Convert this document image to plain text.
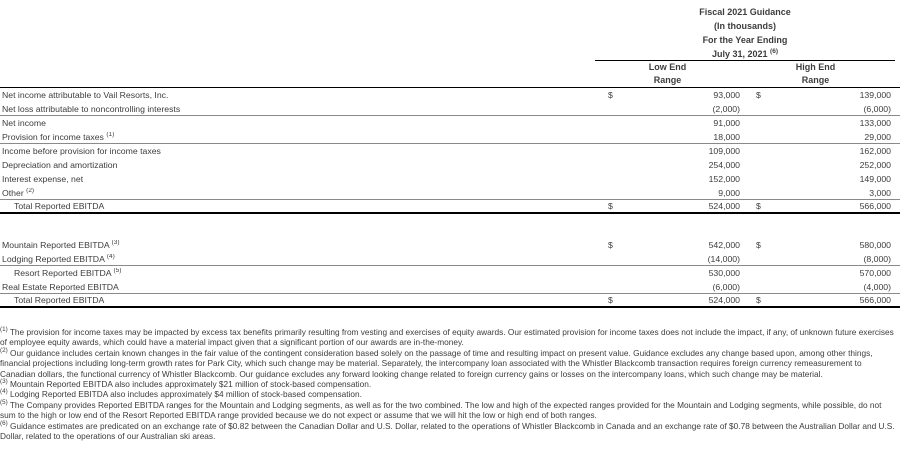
Fiscal 2021 Guidance
(In thousands)
For the Year Ending
July 31, 2021 $^{(6)}$
Low End
Range
High End
Range
Net income attributable to Vail Resorts, Inc.	$	93,000 $	139,000
Net loss attributable to noncontrolling interests	(2,000)	(6,000)
Net income	91,000	133,000
Provision for income taxes $^{(1)}$	18,000	29,000
Income before provision for income taxes	109,000	162,000
Depreciation and amortization	254,000	252,000
Interest expense, net	152,000	149,000
Other $^{(2)}$	9,000	3,000
Total Reported EBITDA	$	524,000 $	566,000
Mountain Reported EBITDA $^{(3)}$	$	542,000 $	580,000
Lodging Reported EBITDA $^{(4)}$	(14,000)	(8,000)
Resort Reported EBITDA $^{(5)}$	530,000	570,000
Real Estate Reported EBITDA	(6,000)	(4,000)
Total Reported EBITDA	$	524,000 $	566,000
$^{(1)}$ The provision for income taxes may be impacted by excess tax benefits primarily resulting from vesting and exercises of equity awards. Our estimated provision for income taxes does not include the impact, if any, of unknown future exercises of employee equity awards, which could have a material impact given that a significant portion of our awards are in-the-money.
$^{(2)}$ Our guidance includes certain known changes in the fair value of the contingent consideration based solely on the passage of time and resulting impact on present value. Guidance excludes any change based upon, among other things, financial projections including long-term growth rates for Park City, which such change may be material. Separately, the intercompany loan associated with the Whistler Blackcomb transaction requires foreign currency remeasurement to Canadian dollars, the functional currency of Whistler Blackcomb. Our guidance excludes any forward looking change related to foreign currency gains or losses on the intercompany loans, which such change may be material.
$^{(3)}$ Mountain Reported EBITDA also includes approximately $21 million of stock-based compensation.
$^{(4)}$ Lodging Reported EBITDA also includes approximately $4 million of stock-based compensation.
$^{(5)}$ The Company provides Reported EBITDA ranges for the Mountain and Lodging segments, as well as for the two combined. The low and high of the expected ranges provided for the Mountain and Lodging segments, while possible, do not sum to the high or low end of the Resort Reported EBITDA range provided because we do not expect or assume that we will hit the low or high end of both ranges.
$^{(6)}$ Guidance estimates are predicated on an exchange rate of $0.82 between the Canadian Dollar and U.S. Dollar, related to the operations of Whistler Blackcomb in Canada and an exchange rate of $0.78 between the Australian Dollar and U.S. Dollar, related to the operations of our Australian ski areas.
